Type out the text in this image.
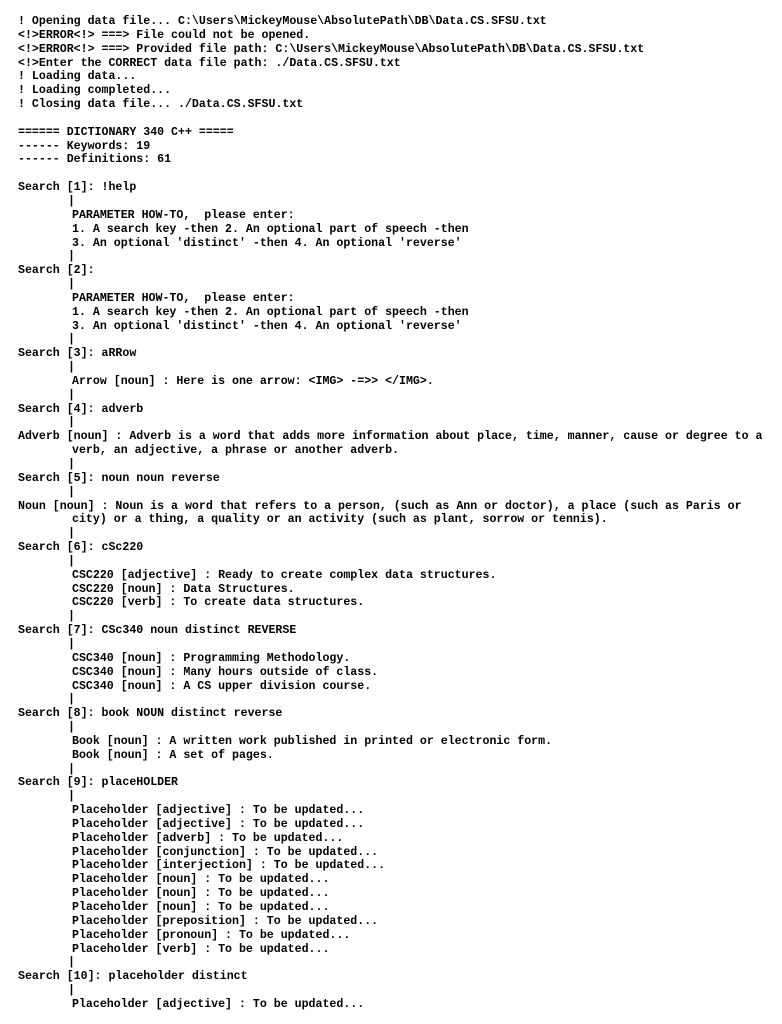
! Opening data file... C:\Users\MickeyMouse\AbsolutePath\DB\Data.CS.SFSU.txt
<!>ERROR<!> ===> File could not be opened.
<!>ERROR<!> ===> Provided file path: C:\Users\MickeyMouse\AbsolutePath\DB\Data.CS.SFSU.txt
<!>Enter the CORRECT data file path: ./Data.CS.SFSU.txt
! Loading data...
! Loading completed...
! Closing data file... ./Data.CS.SFSU.txt

====== DICTIONARY 340 C++ =====
------ Keywords: 19
------ Definitions: 61

Search [1]: !help
|
PARAMETER HOW-TO,  please enter:
1. A search key -then 2. An optional part of speech -then
3. An optional 'distinct' -then 4. An optional 'reverse'
|
Search [2]:
|
PARAMETER HOW-TO,  please enter:
1. A search key -then 2. An optional part of speech -then
3. An optional 'distinct' -then 4. An optional 'reverse'
|
Search [3]: aRRow
|
Arrow [noun] : Here is one arrow: <IMG> -=>> </IMG>.
|
Search [4]: adverb
|
Adverb [noun] : Adverb is a word that adds more information about place, time, manner, cause or degree to a verb, an adjective, a phrase or another adverb.
|
Search [5]: noun noun reverse
|
Noun [noun] : Noun is a word that refers to a person, (such as Ann or doctor), a place (such as Paris or city) or a thing, a quality or an activity (such as plant, sorrow or tennis).
|
Search [6]: cSc220
|
CSC220 [adjective] : Ready to create complex data structures.
CSC220 [noun] : Data Structures.
CSC220 [verb] : To create data structures.
|
Search [7]: CSc340 noun distinct REVERSE
|
CSC340 [noun] : Programming Methodology.
CSC340 [noun] : Many hours outside of class.
CSC340 [noun] : A CS upper division course.
|
Search [8]: book NOUN distinct reverse
|
Book [noun] : A written work published in printed or electronic form.
Book [noun] : A set of pages.
|
Search [9]: placeHOLDER
|
Placeholder [adjective] : To be updated...
Placeholder [adjective] : To be updated...
Placeholder [adverb] : To be updated...
Placeholder [conjunction] : To be updated...
Placeholder [interjection] : To be updated...
Placeholder [noun] : To be updated...
Placeholder [noun] : To be updated...
Placeholder [noun] : To be updated...
Placeholder [preposition] : To be updated...
Placeholder [pronoun] : To be updated...
Placeholder [verb] : To be updated...
|
Search [10]: placeholder distinct
|
Placeholder [adjective] : To be updated...
